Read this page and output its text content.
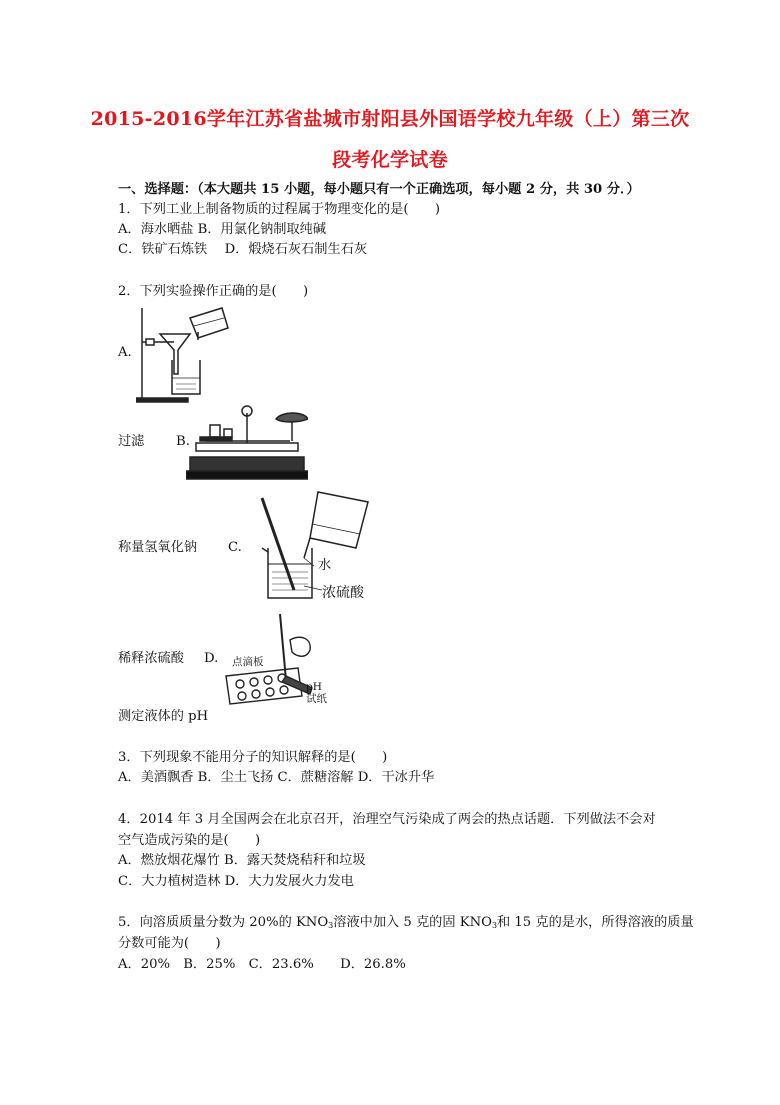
2015-2016学年江苏省盐城市射阳县外国语学校九年级（上）第三次
段考化学试卷
一、选择题：（本大题共 15 小题，每小题只有一个正确选项，每小题 2 分，共 30 分．）
1．下列工业上制备物质的过程属于物理变化的是(　　)
A．海水晒盐 B．用氯化钠制取纯碱
C．铁矿石炼铁　 D．煅烧石灰石制生石灰
2．下列实验操作正确的是(　　)
A.
过滤 B.
称量氢氧化钠 C.
水
浓硫酸
稀释浓硫酸 D. 点滴板
pH
试纸
测定液体的 pH
3．下列现象不能用分子的知识解释的是(　　)
A．美酒飘香 B．尘土飞扬 C．蔗糖溶解 D．干冰升华
4．2014 年 3 月全国两会在北京召开，治理空气污染成了两会的热点话题．下列做法不会对
空气造成污染的是(　　)
A．燃放烟花爆竹 B．露天焚烧秸秆和垃圾
C．大力植树造林 D．大力发展火力发电
5．向溶质质量分数为 20%的 $KNO_3$溶液中加入 5 克的固 $KNO_3$和 15 克的是水，所得溶液的质量
分数可能为(　　)
A．20%　B．25%　C．23.6%　　D．26.8%
